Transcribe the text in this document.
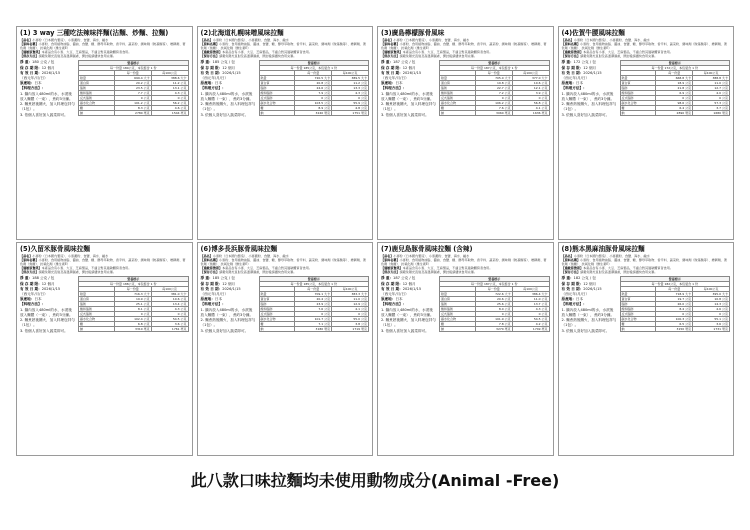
(1) 3 way 三種吃法辣味拌麵(沾麵、炒麵、拉麵)

【品名】小麥粉（日本國內製造）、小麥澱粉、食鹽、海水、鹼水

【原料名稱】小麥粉、食用植物油脂、醬油、食鹽、糖、酵母萃取物、香辛料、蔬菜粉、調味劑（胺基酸等）、增稠劑、著色劑（焦糖）、抗氧化劑（維生素E）

【過敏原資訊】本產品含有小麥、大豆、芝麻製品，不適合對其過敏體質者食用。

【保存方法】請避免陽光直射及高溫潮濕處，開封後請儘快食用完畢。

淨 重：180 公克 / 包

保 存 期 限：12 個月

有 效 日 期：2026/1/15

（西元年/月/日）

原產地：日本

【料理方法】：

1. 鍋內放入480ml的水，水滾後放入麵體（一束），煮約3分鐘。

2. 麵煮熟後關火，加入料理包拌勻（1包）。

3. 依個人喜好加入蔬菜即可。

營養標示		
每一份量 180公克，本包裝含 1 份		
	每一份量	每100公克
熱量	699.4 大卡	388.6 大卡
蛋白質	20.2 公克	11.2 公克
脂肪	23.5 公克	13.1 公克
飽和脂肪	7.7 公克	4.3 公克
反式脂肪	0 公克	0 公克
碳水化合物	101.2 公克	56.2 公克
糖	8.3 公克	4.6 公克
鈉	2780 毫克	1544 毫克
(2)北海道札幌味噌風味拉麵

【品名】小麥粉（日本國內製造）、小麥澱粉、食鹽、海水、鹼水

【原料名稱】小麥粉、食用植物油脂、醬油、食鹽、糖、酵母萃取物、香辛料、蔬菜粉、調味劑（胺基酸等）、增稠劑、著色劑（焦糖）、抗氧化劑（維生素E）

【過敏原資訊】本產品含有小麥、大豆、芝麻製品，不適合對其過敏體質者食用。

【保存方法】請避免陽光直射及高溫潮濕處，開封後請儘快食用完畢。

淨 重：185 公克 / 包

保 存 期 限：12 個月

有 效 日 期：2026/1/15

（西元年/月/日）

原產地：日本

【料理方法】：

1. 鍋內放入480ml的水，水滾後放入麵體（一束），煮約3分鐘。

2. 麵煮熟後關火，加入料理包拌勻（1包）。

3. 依個人喜好加入蔬菜即可。

營養標示		
每一份量 185公克，本包裝含 1 份		
	每一份量	每100公克
熱量	720.5 大卡	389.5 大卡
蛋白質	20.8 公克	11.2 公克
脂肪	24.6 公克	13.3 公克
飽和脂肪	7.9 公克	4.3 公克
反式脂肪	0 公克	0 公克
碳水化合物	103.5 公克	55.9 公克
糖	8.9 公克	4.8 公克
鈉	3240 毫克	1751 毫克
(3)廣島檸檬豚骨風味

【品名】小麥粉（日本國內製造）、小麥澱粉、食鹽、海水、鹼水

【原料名稱】小麥粉、食用植物油脂、醬油、食鹽、糖、酵母萃取物、香辛料、蔬菜粉、調味劑（胺基酸等）、增稠劑、著色劑（焦糖）、抗氧化劑（維生素E）

【過敏原資訊】本產品含有小麥、大豆、芝麻製品，不適合對其過敏體質者食用。

【保存方法】請避免陽光直射及高溫潮濕處，開封後請儘快食用完畢。

淨 重：187 公克 / 包

保 存 期 限：12 個月

有 效 日 期：2026/1/15

（西元年/月/日）

原產地：日本

【料理方法】：

1. 鍋內放入480ml的水，水滾後放入麵體（一束），煮約3分鐘。

2. 麵煮熟後關火，加入料理包拌勻（1包）。

3. 依個人喜好加入蔬菜即可。

營養標示		
每一份量 187公克，本包裝含 1 份		
	每一份量	每100公克
熱量	705.0 大卡	377.0 大卡
蛋白質	19.8 公克	10.6 公克
脂肪	22.7 公克	12.1 公克
飽和脂肪	7.2 公克	3.9 公克
反式脂肪	0 公克	0 公克
碳水化合物	106.2 公克	56.8 公克
糖	7.6 公克	4.1 公克
鈉	3060 毫克	1636 毫克
(4)佐賀牛腰風味拉麵

【品名】小麥粉（日本國內製造）、小麥澱粉、食鹽、海水、鹼水

【原料名稱】小麥粉、食用植物油脂、醬油、食鹽、糖、酵母萃取物、香辛料、蔬菜粉、調味劑（胺基酸等）、增稠劑、著色劑（焦糖）、抗氧化劑（維生素E）

【過敏原資訊】本產品含有小麥、大豆、芝麻製品，不適合對其過敏體質者食用。

【保存方法】請避免陽光直射及高溫潮濕處，開封後請儘快食用完畢。

淨 重：172 公克 / 包

保 存 期 限：12 個月

有 效 日 期：2026/1/15

（西元年/月/日）

原產地：日本

【料理方法】：

1. 鍋內放入480ml的水，水滾後放入麵體（一束），煮約3分鐘。

2. 麵煮熟後關火，加入料理包拌勻（1包）。

3. 依個人喜好加入蔬菜即可。

營養標示		
每一份量 172公克，本包裝含 1 份		
	每一份量	每100公克
熱量	668.8 大卡	388.8 大卡
蛋白質	18.9 公克	11.0 公克
脂肪	21.8 公克	12.7 公克
飽和脂肪	6.9 公克	4.0 公克
反式脂肪	0 公克	0 公克
碳水化合物	98.6 公克	57.3 公克
糖	6.4 公克	3.7 公克
鈉	2890 毫克	1680 毫克
(5)久留米豚骨風味拉麵

【品名】小麥粉（日本國內製造）、小麥澱粉、食鹽、海水、鹼水

【原料名稱】小麥粉、食用植物油脂、醬油、食鹽、糖、酵母萃取物、香辛料、蔬菜粉、調味劑（胺基酸等）、增稠劑、著色劑（焦糖）、抗氧化劑（維生素E）

【過敏原資訊】本產品含有小麥、大豆、芝麻製品，不適合對其過敏體質者食用。

【保存方法】請避免陽光直射及高溫潮濕處，開封後請儘快食用完畢。

淨 重：188 公克 / 包

保 存 期 限：12 個月

有 效 日 期：2026/1/15

（西元年/月/日）

原產地：日本

【料理方法】：

1. 鍋內放入480ml的水，水滾後放入麵體（一束），煮約3分鐘。

2. 麵煮熟後關火，加入料理包拌勻（1包）。

3. 依個人喜好加入蔬菜即可。

營養標示		
每一份量 188公克，本包裝含 1 份		
	每一份量	每100公克
熱量	716.3 大卡	381.0 大卡
蛋白質	19.9 公克	10.6 公克
脂肪	25.1 公克	13.4 公克
飽和脂肪	8.1 公克	4.3 公克
反式脂肪	0 公克	0 公克
碳水化合物	102.4 公克	54.5 公克
糖	6.8 公克	3.6 公克
鈉	3310 毫克	1761 毫克
(6)博多長浜豚骨風味拉麵

【品名】小麥粉（日本國內製造）、小麥澱粉、食鹽、海水、鹼水

【原料名稱】小麥粉、食用植物油脂、醬油、食鹽、糖、酵母萃取物、香辛料、蔬菜粉、調味劑（胺基酸等）、增稠劑、著色劑（焦糖）、抗氧化劑（維生素E）

【過敏原資訊】本產品含有小麥、大豆、芝麻製品，不適合對其過敏體質者食用。

【保存方法】請避免陽光直射及高溫潮濕處，開封後請儘快食用完畢。

淨 重：185 公克 / 包

保 存 期 限：12 個月

有 效 日 期：2026/1/15

（西元年/月/日）

原產地：日本

【料理方法】：

1. 鍋內放入480ml的水，水滾後放入麵體（一束），煮約3分鐘。

2. 麵煮熟後關火，加入料理包拌勻（1包）。

3. 依個人喜好加入蔬菜即可。

營養標示		
每一份量 185公克，本包裝含 1 份		
	每一份量	每100公克
熱量	709.1 大卡	383.3 大卡
蛋白質	20.4 公克	11.0 公克
脂肪	23.9 公克	12.9 公克
飽和脂肪	7.6 公克	4.1 公克
反式脂肪	0 公克	0 公克
碳水化合物	101.7 公克	55.0 公克
糖	7.1 公克	3.8 公克
鈉	3180 毫克	1719 毫克
(7)鹿兒島豚骨風味拉麵 (含辣)

【品名】小麥粉（日本國內製造）、小麥澱粉、食鹽、海水、鹼水

【原料名稱】小麥粉、食用植物油脂、醬油、食鹽、糖、酵母萃取物、香辛料、蔬菜粉、調味劑（胺基酸等）、增稠劑、著色劑（焦糖）、抗氧化劑（維生素E）

【過敏原資訊】本產品含有小麥、大豆、芝麻製品，不適合對其過敏體質者食用。

【保存方法】請避免陽光直射及高溫潮濕處，開封後請儘快食用完畢。

淨 重：187 公克 / 包

保 存 期 限：12 個月

有 效 日 期：2026/1/15

（西元年/月/日）

原產地：日本

【料理方法】：

1. 鍋內放入480ml的水，水滾後放入麵體（一束），煮約3分鐘。

2. 麵煮熟後關火，加入料理包拌勻（1包）。

3. 依個人喜好加入蔬菜即可。

營養標示		
每一份量 187公克，本包裝含 1 份		
	每一份量	每100公克
熱量	722.6 大卡	386.4 大卡
蛋白質	20.6 公克	11.0 公克
脂肪	25.6 公克	13.7 公克
飽和脂肪	8.0 公克	4.3 公克
反式脂肪	0 公克	0 公克
碳水化合物	101.9 公克	54.5 公克
糖	7.8 公克	4.2 公克
鈉	3270 毫克	1749 毫克
(8)熊本黑麻油豚骨風味拉麵

【品名】小麥粉（日本國內製造）、小麥澱粉、食鹽、海水、鹼水

【原料名稱】小麥粉、食用植物油脂、醬油、食鹽、糖、酵母萃取物、香辛料、蔬菜粉、調味劑（胺基酸等）、增稠劑、著色劑（焦糖）、抗氧化劑（維生素E）

【過敏原資訊】本產品含有小麥、大豆、芝麻製品，不適合對其過敏體質者食用。

【保存方法】請避免陽光直射及高溫潮濕處，開封後請儘快食用完畢。

淨 重：182 公克 / 包

保 存 期 限：12 個月

有 效 日 期：2026/1/15

（西元年/月/日）

原產地：日本

【料理方法】：

1. 鍋內放入480ml的水，水滾後放入麵體（一束），煮約3分鐘。

2. 麵煮熟後關火，加入料理包拌勻（1包）。

3. 依個人喜好加入蔬菜即可。

營養標示		
每一份量 182公克，本包裝含 1 份		
	每一份量	每100公克
熱量	718.9 大卡	395.0 大卡
蛋白質	19.7 公克	10.8 公克
脂肪	26.0 公克	14.3 公克
飽和脂肪	8.4 公克	4.6 公克
反式脂肪	0 公克	0 公克
碳水化合物	100.3 公克	55.1 公克
糖	6.5 公克	3.6 公克
鈉	3150 毫克	1731 毫克
此八款口味拉麵均未使用動物成分(Animal -Free)
